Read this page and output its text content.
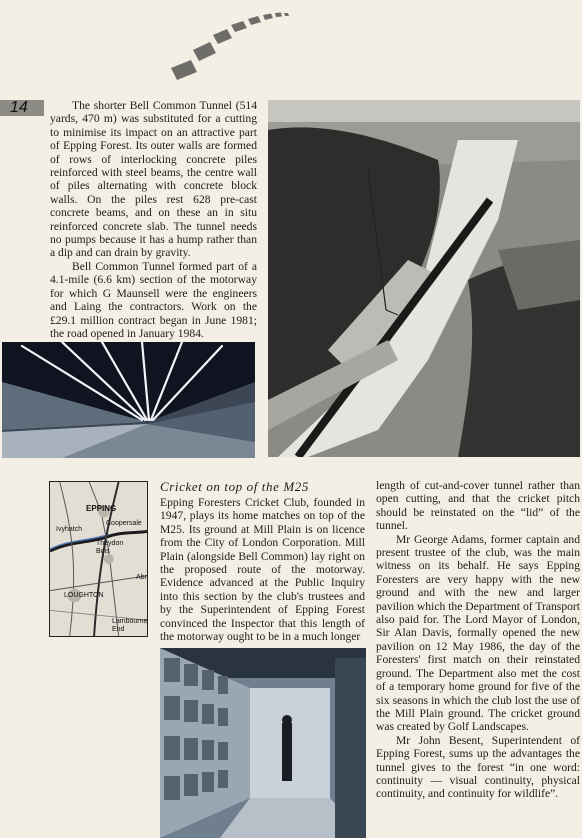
14	The shorter Bell Common Tunnel (514 yards, 470 m) was substituted for a cutting to minimise its impact on an attractive part of Epping Forest. Its outer walls are formed of rows of interlocking concrete piles reinforced with steel beams, the centre wall of piles alternating with concrete block walls. On the piles rest 628 pre-cast concrete beams, and on these an in situ reinforced concrete slab. The tunnel needs no pumps because it has a hump rather than a dip and can drain by gravity.

Bell Common Tunnel formed part of a 4.1-mile (6.6 km) section of the motorway for which G Maunsell were the engineers and Laing the contractors. Work on the £29.1 million contract began in June 1981; the road opened in January 1984.

Cricket on top of the M25
EPPING
Ivyhatch
Coopersale
Theydon Bois
Abr
LOUGHTON
Lambourne End

Epping Foresters Cricket Club, founded in 1947, plays its home matches on top of the M25. Its ground at Mill Plain is on licence from the City of London Corporation. Mill Plain (alongside Bell Common) lay right on the proposed route of the motorway. Evidence advanced at the Public Inquiry into this section by the club's trustees and by the Superintendent of Epping Forest convinced the Inspector that this length of the motorway ought to be in a much longer

length of cut-and-cover tunnel rather than open cutting, and that the cricket pitch should be reinstated on the “lid” of the tunnel.

Mr George Adams, former captain and present trustee of the club, was the main witness on its behalf. He says Epping Foresters are very happy with the new ground and with the new and larger pavilion which the Department of Transport also paid for. The Lord Mayor of London, Sir Alan Davis, formally opened the new pavilion on 12 May 1986, the day of the Foresters' first match on their reinstated ground. The Department also met the cost of a temporary home ground for five of the six seasons in which the club lost the use of the Mill Plain ground. The cricket ground was created by Golf Landscapes.

Mr John Besent, Superintendent of Epping Forest, sums up the advantages the tunnel gives to the forest “in one word: continuity — visual continuity, physical continuity, and continuity for wildlife”.
